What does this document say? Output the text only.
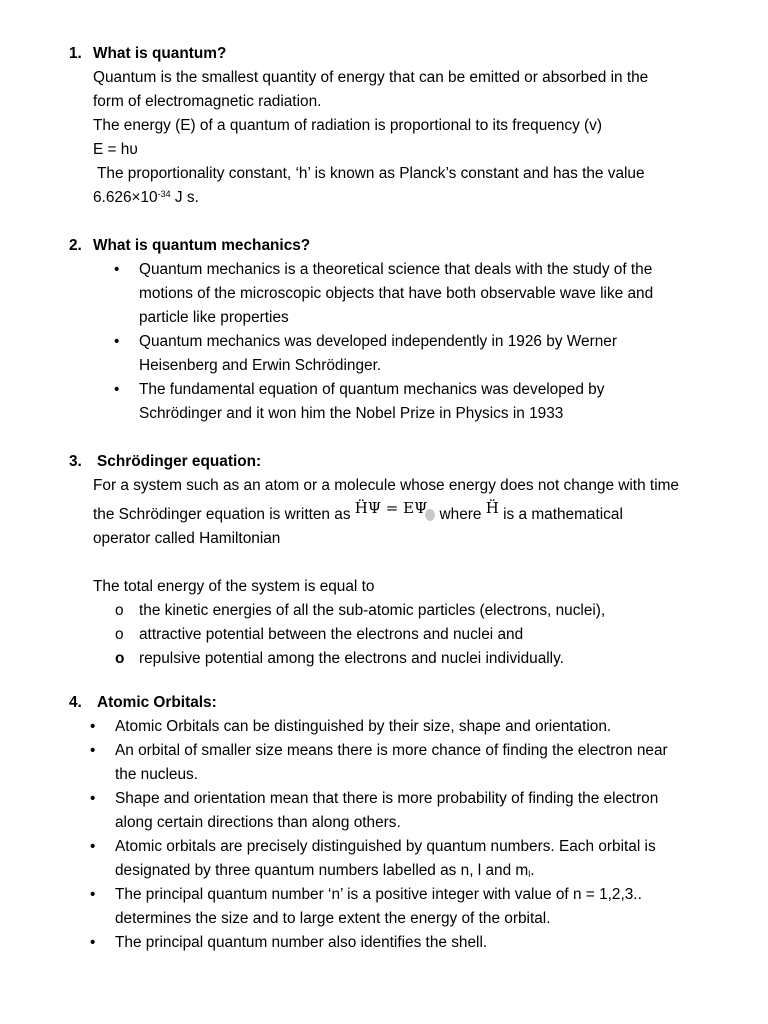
1. What is quantum?
Quantum is the smallest quantity of energy that can be emitted or absorbed in the
form of electromagnetic radiation.
The energy (E) of a quantum of radiation is proportional to its frequency (v)
E = hυ
The proportionality constant, ‘h’ is known as Planck’s constant and has the value
$6.626\times 10^{-34}$ J s.
2. What is quantum mechanics?
• Quantum mechanics is a theoretical science that deals with the study of the
motions of the microscopic objects that have both observable wave like and
particle like properties
• Quantum mechanics was developed independently in 1926 by Werner
Heisenberg and Erwin Schrödinger.
• The fundamental equation of quantum mechanics was developed by
Schrödinger and it won him the Nobel Prize in Physics in 1933
3. Schrödinger equation:
For a system such as an atom or a molecule whose energy does not change with time
the Schrödinger equation is written as ḦΨ = EΨ where Ḧ is a mathematical
operator called Hamiltonian
The total energy of the system is equal to
o the kinetic energies of all the sub-atomic particles (electrons, nuclei),
o attractive potential between the electrons and nuclei and
o repulsive potential among the electrons and nuclei individually.
4. Atomic Orbitals:
• Atomic Orbitals can be distinguished by their size, shape and orientation.
• An orbital of smaller size means there is more chance of finding the electron near
the nucleus.
• Shape and orientation mean that there is more probability of finding the electron
along certain directions than along others.
• Atomic orbitals are precisely distinguished by quantum numbers. Each orbital is
designated by three quantum numbers labelled as n, l and $m_l$.
• The principal quantum number ‘n’ is a positive integer with value of n = 1,2,3..
determines the size and to large extent the energy of the orbital.
• The principal quantum number also identifies the shell.
